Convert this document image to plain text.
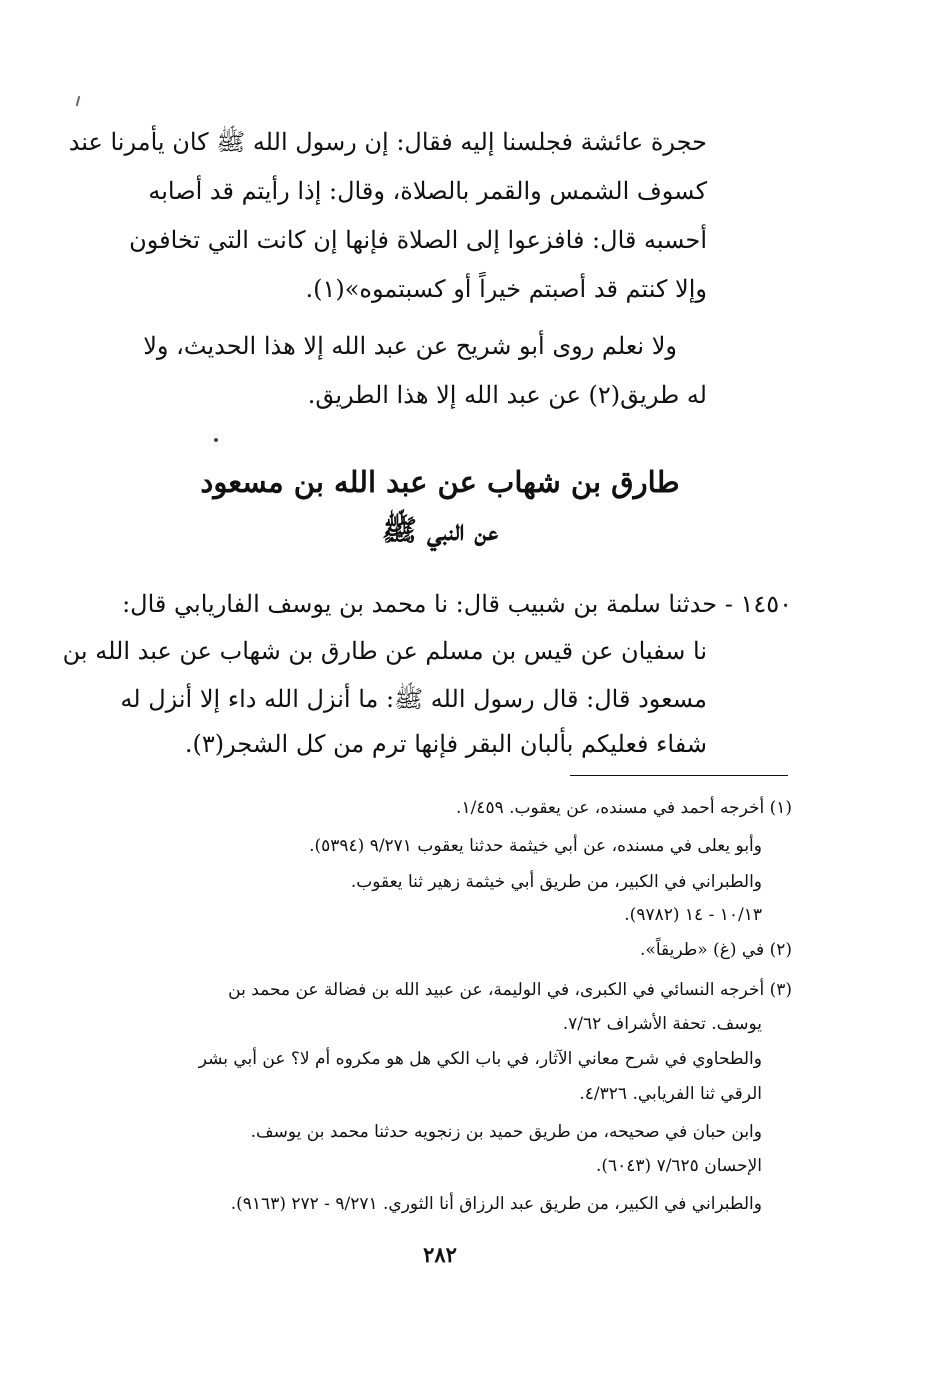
حجرة عائشة فجلسنا إليه فقال: إن رسول الله ﷺ كان يأمرنا عند
كسوف الشمس والقمر بالصلاة، وقال: إذا رأيتم قد أصابه
أحسبه قال: فافزعوا إلى الصلاة فإنها إن كانت التي تخافون
وإلا كنتم قد أصبتم خيراً أو كسبتموه»(١).
ولا نعلم روى أبو شريح عن عبد الله إلا هذا الحديث، ولا
له طريق(٢) عن عبد الله إلا هذا الطريق.
طارق بن شهاب عن عبد الله بن مسعود
عن النبي ﷺ
١٤٥٠ - حدثنا سلمة بن شبيب قال: نا محمد بن يوسف الفاريابي قال:
نا سفيان عن قيس بن مسلم عن طارق بن شهاب عن عبد الله بن
مسعود قال: قال رسول الله ﷺ: ما أنزل الله داء إلا أنزل له
شفاء فعليكم بألبان البقر فإنها ترم من كل الشجر(٣).
(١) أخرجه أحمد في مسنده، عن يعقوب. ١/٤٥٩.
وأبو يعلى في مسنده، عن أبي خيثمة حدثنا يعقوب ٩/٢٧١ (٥٣٩٤).
والطبراني في الكبير، من طريق أبي خيثمة زهير ثنا يعقوب.
١٠/١٣ - ١٤ (٩٧٨٢).
(٢) في (غ) «طريقاً».
(٣) أخرجه النسائي في الكبرى، في الوليمة، عن عبيد الله بن فضالة عن محمد بن
يوسف. تحفة الأشراف ٧/٦٢.
والطحاوي في شرح معاني الآثار، في باب الكي هل هو مكروه أم لا؟ عن أبي بشر
الرقي ثنا الفريابي. ٤/٣٢٦.
وابن حبان في صحيحه، من طريق حميد بن زنجويه حدثنا محمد بن يوسف.
الإحسان ٧/٦٢٥ (٦٠٤٣).
والطبراني في الكبير، من طريق عبد الرزاق أنا الثوري. ٩/٢٧١ - ٢٧٢ (٩١٦٣).
٢٨٢
